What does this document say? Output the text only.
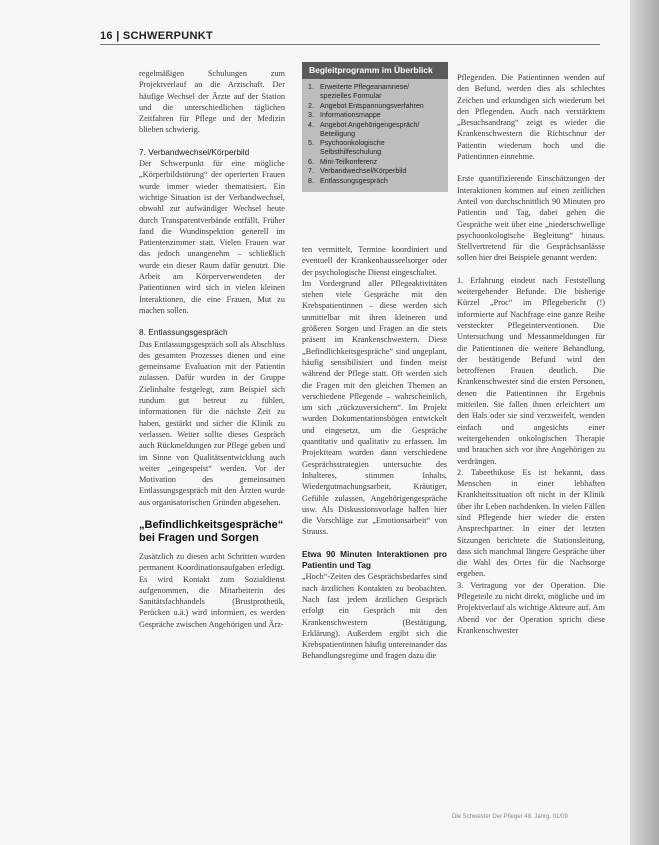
16 | SCHWERPUNKT

regelmäßigen Schulungen zum Projektverlauf an die Arztschaft. Der häufige Wechsel der Ärzte auf der Station und die unterschiedlichen täglichen Zeitfahren für Pflege und der Medizin blieben schwierig.

7. Verbandwechsel/Körperbild

Der Schwerpunkt für eine mögliche „Körperbildstörung“ der operierten Frauen wurde immer wieder thematisiert. Ein wichtige Situation ist der Verbandwechsel, obwohl zur aufwändiger Wechsel heute durch Transparentverbände entfällt. Früher fand die Wundinspektion generell im Patientenzimmer statt. Vielen Frauen war das jedoch unangenehm – schließlich wurde ein dieser Raum dafür genutzt. Die Arbeit am Körperverwendeten der Patientinnen wird sich in vielen kleinen Interaktionen, die eine Frauen, Mut zu machen sollen.

8. Entlassungsgespräch

Das Entlassungsgespräch soll als Abschluss des gesamten Prozesses dienen und eine gemeinsame Evaluation mit der Patientin zulassen. Dafür wurden in der Gruppe Zielinhalte festgelegt, zum Beispiel sich rundum gut betreut zu fühlen, informationen für die nächste Zeit zu haben, gestärkt und sicher die Klinik zu verlassen. Weiter sollte dieses Gespräch auch Rückmeldungen zur Pflege geben und im Sinne von Qualitätsentwicklung auch weiter „eingespeist“ werden. Vor der Motivation des gemeinsamen Entlassungsgespräch mit den Ärzten wurde aus organisatorischen Gründen abgesehen.

„Befindlichkeitsgespräche“ bei Fragen und Sorgen

Zusätzlich zu diesen acht Schritten wurden permanent Koordinationsaufgaben erledigt. Es wird Kontakt zum Sozialdienst aufgenommen, die Mitarbeiterin des Sanitätsfachhandels (Brustprothetik, Perücken u.ä.) wird informiert, es werden Gespräche zwischen Angehörigen und Ärz-

Begleitprogramm im Überblick
1. Erweiterte Pflegeanamnese/ spezielles Formular
2. Angebot Entspannungsverfahren
3. Informationsmappe
4. Angebot Angehörigengespräch/ Beteiligung
5. Psychoonkologische Selbsthilfeschulung
6. Mini-Teilkonferenz
7. Verbandwechsel/Körperbild
8. Entlassungsgespräch

ten vermittelt, Termine koordiniert und eventuell der Krankenhausseelsorger oder der psychologische Dienst eingeschaltet.

Im Vordergrund aller Pflegeaktivitäten stehen viele Gespräche mit den Krebspatientinnen – diese werden sich unmittelbar mit ihren kleineren und größeren Sorgen und Fragen an die stets präsent im Krankenschwestern. Diese „Befindlichkeitsgespräche“ sind ungeplant, häufig sensibilisiert und finden meist während der Pflege statt. Oft werden sich die Fragen mit den gleichen Themen an verschiedene Pflegende – wahrscheinlich, um sich „rückzuversichern“. Im Projekt wurden Dokumentationsbögen entwickelt und eingesetzt, um die Gespräche quantitativ und qualitativ zu erfassen. Im Projektteam wurden dann verschiedene Gesprächsstrategien untersuchte des Inhalteres, stimmen Inhalts, Wiedergutmachungsarbeit, Kräutiger, Gefühle zulassen, Angehörigengespräche usw. Als Diskussionsvorlage halfen hier die Vorschläge zur „Emotionsarbeit“ von Strauss.

Etwa 90 Minuten Interaktionen pro Patientin und Tag

„Hoch“-Zeiten des Gesprächsbedarfes sind nach ärztlichen Kontakten zu beobachten. Nach fast jedem ärztlichen Gespräch erfolgt ein Gespräch mit den Krankenschwestern (Bestätigung, Erklärung). Außerdem ergibt sich die Krebspatientinnen häufig untereinander das Behandlungsregime und fragen dazu die

Pflegenden. Die Patientinnen wenden auf den Befund, werden dies als schlechtes Zeichen und erkundigen sich wiederum bei den Pflegenden. Auch nach verstärktem „Besuchsandrang“ zeigt es wieder die Krankenschwestern die Richtschnur der Patientin wiederum hoch und die Patientinnen einnehme.

Erste quantifizierende Einschätzungen der Interaktionen kommen auf einen zeitlichen Anteil von durchschnittlich 90 Minuten pro Patientin und Tag, dabei gehen die Gespräche weit über eine „niederschwellige psychoonkologische Begleitung“ hinaus. Stellvertretend für die Gesprächsanlässe sollen hier drei Beispiele genannt werden:

1. Erfahrung eindeut nach Feststellung weitergehender Befunde. Die bisherige Kürzel „Proc“ im Pflegebericht (!) informierte auf Nachfrage eine ganze Reihe versteckter Pflegeinterventionen. Die Untersuchung und Messanmeldungen für die Patientinnen die weitere Behandlung, der bestätigende Befund wird den betroffenen Frauen deutlich. Die Krankenschwester sind die ersten Personen, denen die Patientinnen ihr Ergebnis mitteilen. Sie fallen ihnen erleichtert um den Hals oder sie sind verzweifelt, wenden einfach und angesichts einer weitergehenden onkologischen Therapie und brauchen sich vor ihre Angehörigen zu verdrängen.

2. Tabeethikose Es ist bekannt, dass Menschen in einer lebhaften Krankheitssituation oft nicht in der Klinik über ihr Leben nachdenken. In vielen Fällen sind Pflegende hier wieder die ersten Ansprechpartner. In einer der letzten Sitzungen berichtete die Stationsleitung, dass sich manchmal längere Gespräche über die Wahl des Ortes für die Nachsorge ergeben.

3. Vertragung vor der Operation. Die Pflegeteile zu nicht direkt, mögliche und im Projektverlauf als wichtige Akteure auf. Am Abend vor der Operation spricht diese Krankenschwester

Die Schwester Der Pfleger 48. Jahrg. 01/09
